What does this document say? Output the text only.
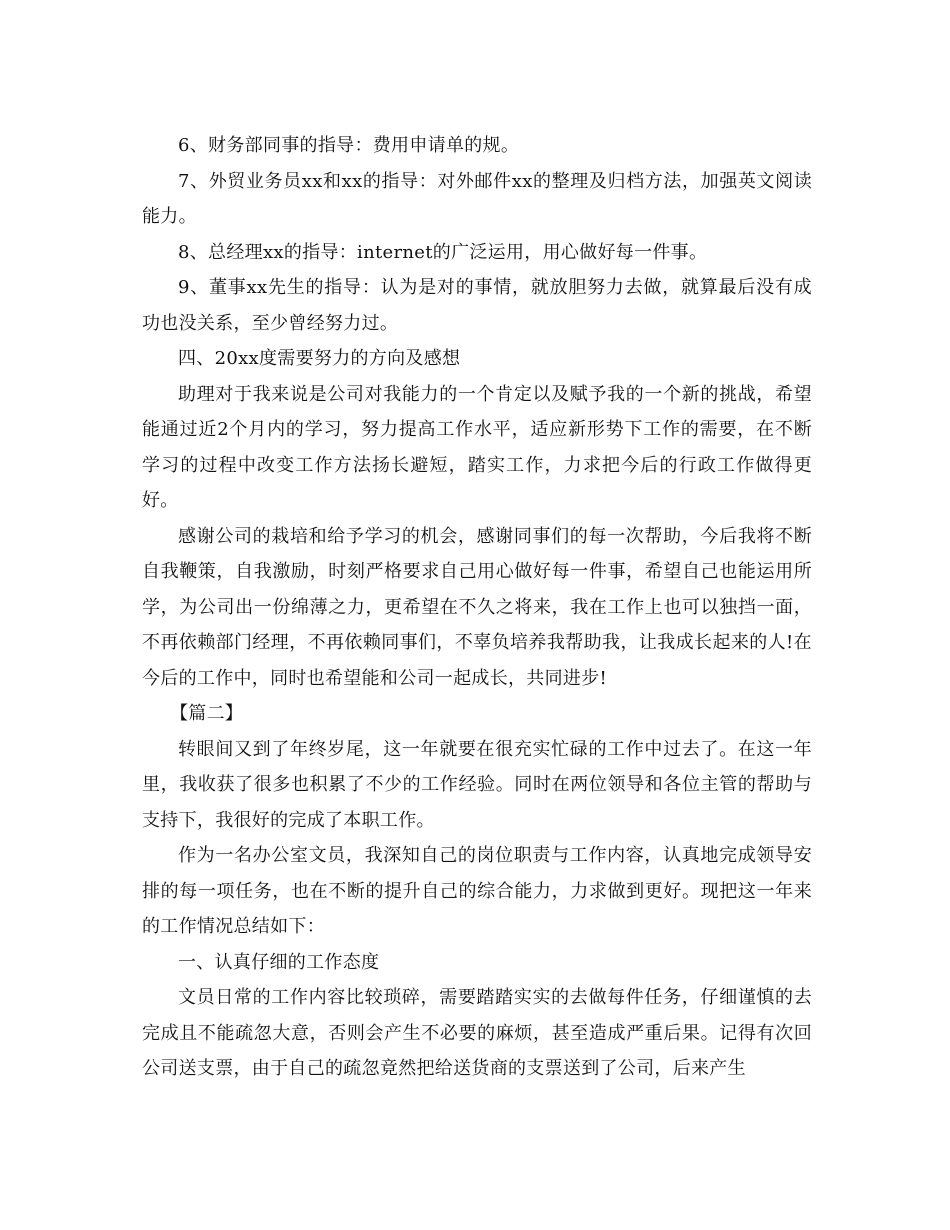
6、财务部同事的指导：费用申请单的规。

7、外贸业务员xx和xx的指导：对外邮件xx的整理及归档方法，加强英文阅读能力。

8、总经理xx的指导：internet的广泛运用，用心做好每一件事。

9、董事xx先生的指导：认为是对的事情，就放胆努力去做，就算最后没有成功也没关系，至少曾经努力过。

四、20xx度需要努力的方向及感想

助理对于我来说是公司对我能力的一个肯定以及赋予我的一个新的挑战，希望能通过近2个月内的学习，努力提高工作水平，适应新形势下工作的需要，在不断学习的过程中改变工作方法扬长避短，踏实工作，力求把今后的行政工作做得更好。

感谢公司的栽培和给予学习的机会，感谢同事们的每一次帮助，今后我将不断自我鞭策，自我激励，时刻严格要求自己用心做好每一件事，希望自己也能运用所学，为公司出一份绵薄之力，更希望在不久之将来，我在工作上也可以独挡一面，不再依赖部门经理，不再依赖同事们，不辜负培养我帮助我，让我成长起来的人!在今后的工作中，同时也希望能和公司一起成长，共同进步!

【篇二】

转眼间又到了年终岁尾，这一年就要在很充实忙碌的工作中过去了。在这一年里，我收获了很多也积累了不少的工作经验。同时在两位领导和各位主管的帮助与支持下，我很好的完成了本职工作。

作为一名办公室文员，我深知自己的岗位职责与工作内容，认真地完成领导安排的每一项任务，也在不断的提升自己的综合能力，力求做到更好。现把这一年来的工作情况总结如下：

一、认真仔细的工作态度

文员日常的工作内容比较琐碎，需要踏踏实实的去做每件任务，仔细谨慎的去完成且不能疏忽大意，否则会产生不必要的麻烦，甚至造成严重后果。记得有次回公司送支票，由于自己的疏忽竟然把给送货商的支票送到了公司，后来产生
